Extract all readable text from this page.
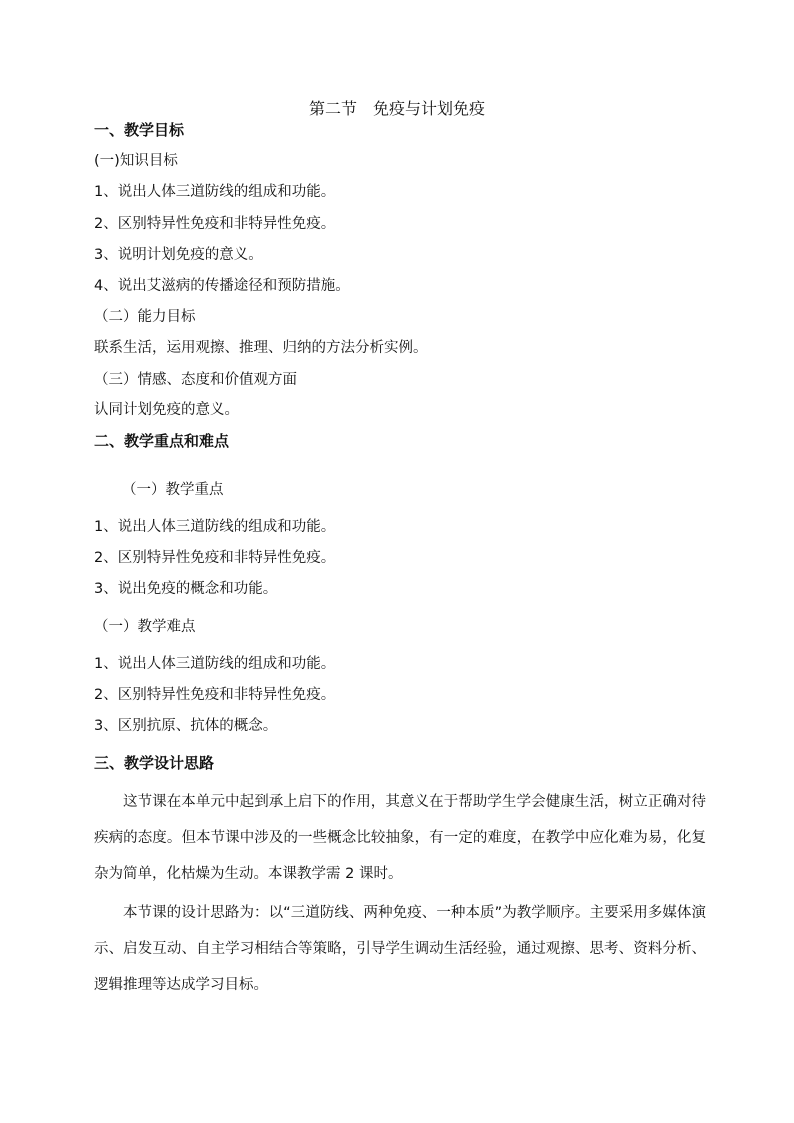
第二节　免疫与计划免疫
一、教学目标
(一)知识目标
1、说出人体三道防线的组成和功能。
2、区别特异性免疫和非特异性免疫。
3、说明计划免疫的意义。
4、说出艾滋病的传播途径和预防措施。
（二）能力目标
联系生活，运用观擦、推理、归纳的方法分析实例。
（三）情感、态度和价值观方面
认同计划免疫的意义。
二、教学重点和难点
（一）教学重点
1、说出人体三道防线的组成和功能。
2、区别特异性免疫和非特异性免疫。
3、说出免疫的概念和功能。
（一）教学难点
1、说出人体三道防线的组成和功能。
2、区别特异性免疫和非特异性免疫。
3、区别抗原、抗体的概念。
三、教学设计思路
这节课在本单元中起到承上启下的作用，其意义在于帮助学生学会健康生活，树立正确对待疾病的态度。但本节课中涉及的一些概念比较抽象，有一定的难度，在教学中应化难为易，化复杂为简单，化枯燥为生动。本课教学需 2 课时。
本节课的设计思路为：以“三道防线、两种免疫、一种本质”为教学顺序。主要采用多媒体演示、启发互动、自主学习相结合等策略，引导学生调动生活经验，通过观擦、思考、资料分析、逻辑推理等达成学习目标。
